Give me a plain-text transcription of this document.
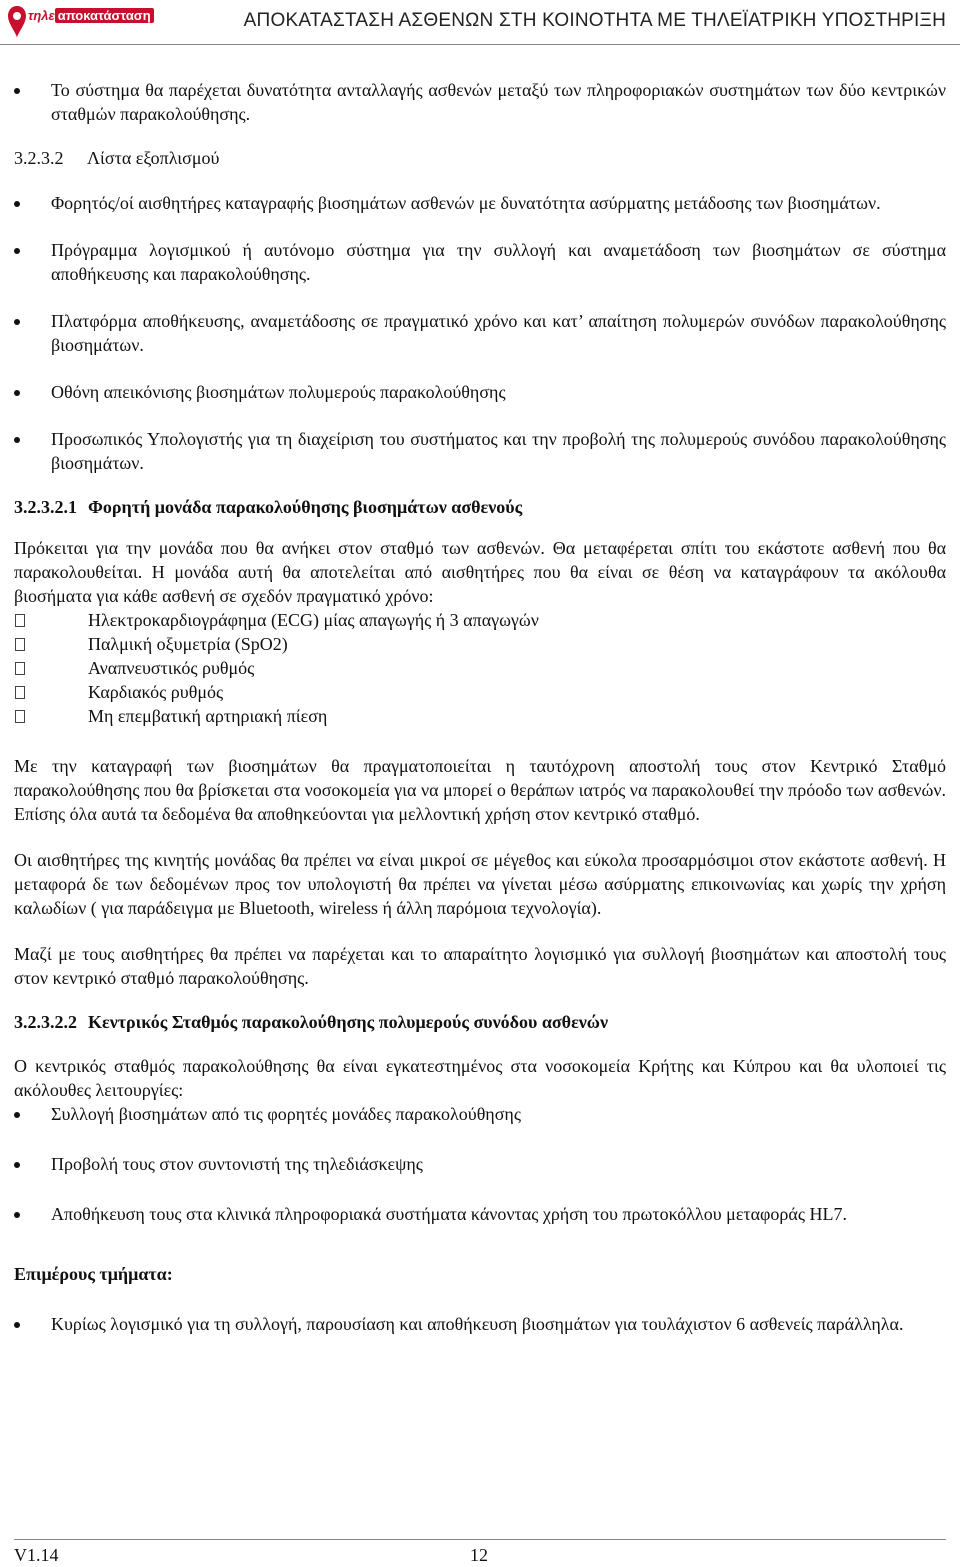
τηλε αποκατάσταση	ΑΠΟΚΑΤΑΣΤΑΣΗ ΑΣΘΕΝΩΝ ΣΤΗ ΚΟΙΝΟΤΗΤΑ ΜΕ ΤΗΛΕΪΑΤΡΙΚΗ ΥΠΟΣΤΗΡΙΞΗ
Το σύστημα θα παρέχεται δυνατότητα ανταλλαγής ασθενών μεταξύ των πληροφοριακών συστημάτων των δύο κεντρικών σταθμών παρακολούθησης.
3.2.3.2 Λίστα εξοπλισμού
Φορητός/οί αισθητήρες καταγραφής βιοσημάτων ασθενών με δυνατότητα ασύρματης μετάδοσης των βιοσημάτων.
Πρόγραμμα λογισμικού ή αυτόνομο σύστημα για την συλλογή και αναμετάδοση των βιοσημάτων σε σύστημα αποθήκευσης και παρακολούθησης.
Πλατφόρμα αποθήκευσης, αναμετάδοσης σε πραγματικό χρόνο και κατ’ απαίτηση πολυμερών συνόδων παρακολούθησης βιοσημάτων.
Οθόνη απεικόνισης βιοσημάτων πολυμερούς παρακολούθησης
Προσωπικός Υπολογιστής για τη διαχείριση του συστήματος και την προβολή της πολυμερούς συνόδου παρακολούθησης βιοσημάτων.
3.2.3.2.1 Φορητή μονάδα παρακολούθησης βιοσημάτων ασθενούς
Πρόκειται για την μονάδα που θα ανήκει στον σταθμό των ασθενών. Θα μεταφέρεται σπίτι του εκάστοτε ασθενή που θα παρακολουθείται. Η μονάδα αυτή θα αποτελείται από αισθητήρες που θα είναι σε θέση να καταγράφουν τα ακόλουθα βιοσήματα για κάθε ασθενή σε σχεδόν πραγματικό χρόνο:
Ηλεκτροκαρδιογράφημα (ECG) μίας απαγωγής ή 3 απαγωγών
Παλμική οξυμετρία (SpO2)
Αναπνευστικός ρυθμός
Καρδιακός ρυθμός
Μη επεμβατική αρτηριακή πίεση
Με την καταγραφή των βιοσημάτων θα πραγματοποιείται η ταυτόχρονη αποστολή τους στον Κεντρικό Σταθμό παρακολούθησης που θα βρίσκεται στα νοσοκομεία για να μπορεί ο θεράπων ιατρός να παρακολουθεί την πρόοδο των ασθενών. Επίσης όλα αυτά τα δεδομένα θα αποθηκεύονται για μελλοντική χρήση στον κεντρικό σταθμό.
Οι αισθητήρες της κινητής μονάδας θα πρέπει να είναι μικροί σε μέγεθος και εύκολα προσαρμόσιμοι στον εκάστοτε ασθενή. Η μεταφορά δε των δεδομένων προς τον υπολογιστή θα πρέπει να γίνεται μέσω ασύρματης επικοινωνίας και χωρίς την χρήση καλωδίων ( για παράδειγμα με Bluetooth, wireless ή άλλη παρόμοια τεχνολογία).
Μαζί με τους αισθητήρες θα πρέπει να παρέχεται και το απαραίτητο λογισμικό για συλλογή βιοσημάτων και αποστολή τους στον κεντρικό σταθμό παρακολούθησης.
3.2.3.2.2 Κεντρικός Σταθμός παρακολούθησης πολυμερούς συνόδου ασθενών
Ο κεντρικός σταθμός παρακολούθησης θα είναι εγκατεστημένος στα νοσοκομεία Κρήτης και Κύπρου και θα υλοποιεί τις ακόλουθες λειτουργίες:
Συλλογή βιοσημάτων από τις φορητές μονάδες παρακολούθησης
Προβολή τους στον συντονιστή της τηλεδιάσκεψης
Αποθήκευση τους στα κλινικά πληροφοριακά συστήματα κάνοντας χρήση του πρωτοκόλλου μεταφοράς HL7.
Επιμέρους τμήματα:
Κυρίως λογισμικό για τη συλλογή, παρουσίαση και αποθήκευση βιοσημάτων για τουλάχιστον 6 ασθενείς παράλληλα.
V1.14	12
